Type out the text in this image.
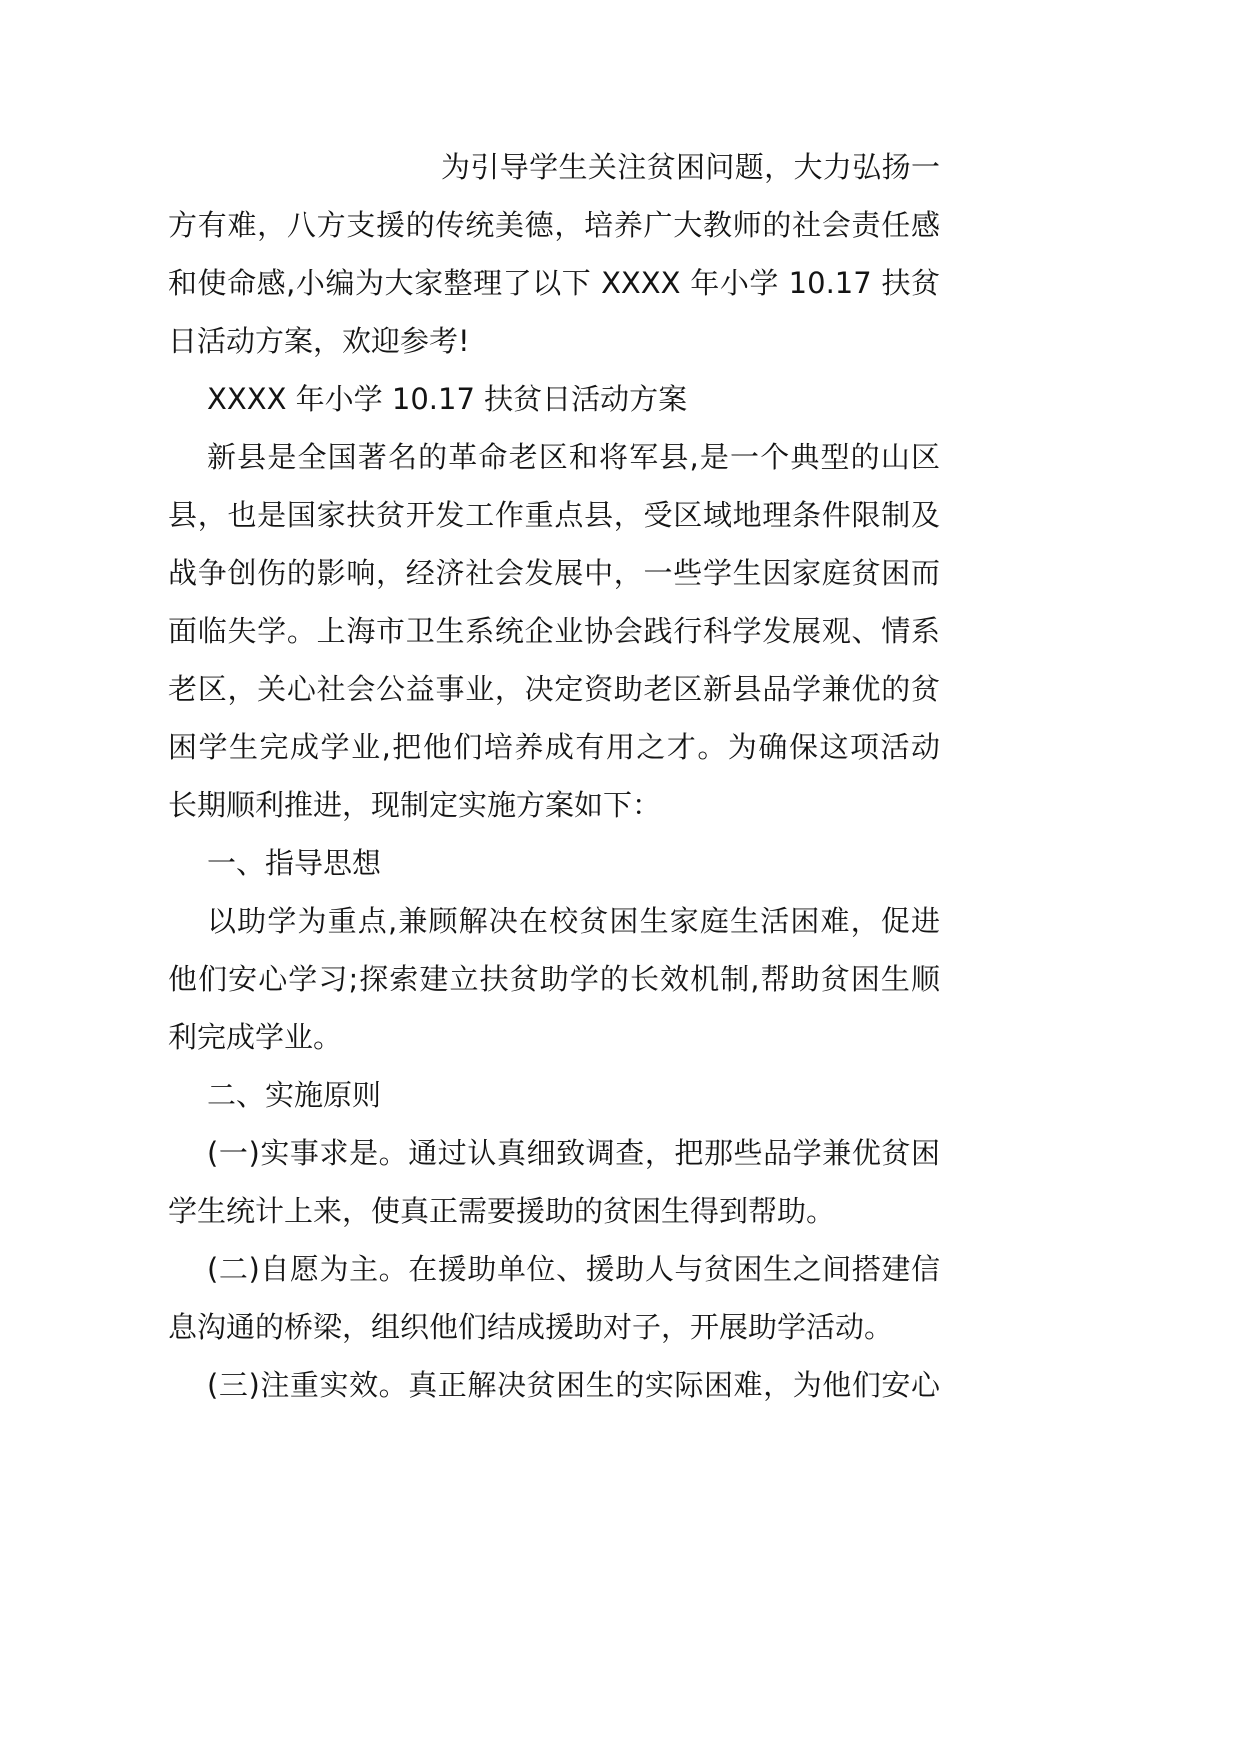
为引导学生关注贫困问题，大力弘扬一
方有难，八方支援的传统美德，培养广大教师的社会责任感
和使命感,小编为大家整理了以下 XXXX 年小学 10.17 扶贫
日活动方案，欢迎参考!

XXXX 年小学 10.17 扶贫日活动方案

新县是全国著名的革命老区和将军县,是一个典型的山区
县，也是国家扶贫开发工作重点县，受区域地理条件限制及
战争创伤的影响，经济社会发展中，一些学生因家庭贫困而
面临失学。上海市卫生系统企业协会践行科学发展观、情系
老区，关心社会公益事业，决定资助老区新县品学兼优的贫
困学生完成学业,把他们培养成有用之才。为确保这项活动
长期顺利推进，现制定实施方案如下：

一、指导思想

以助学为重点,兼顾解决在校贫困生家庭生活困难，促进
他们安心学习;探索建立扶贫助学的长效机制,帮助贫困生顺
利完成学业。

二、实施原则

(一)实事求是。通过认真细致调查，把那些品学兼优贫困
学生统计上来，使真正需要援助的贫困生得到帮助。

(二)自愿为主。在援助单位、援助人与贫困生之间搭建信
息沟通的桥梁，组织他们结成援助对子，开展助学活动。

(三)注重实效。真正解决贫困生的实际困难，为他们安心
